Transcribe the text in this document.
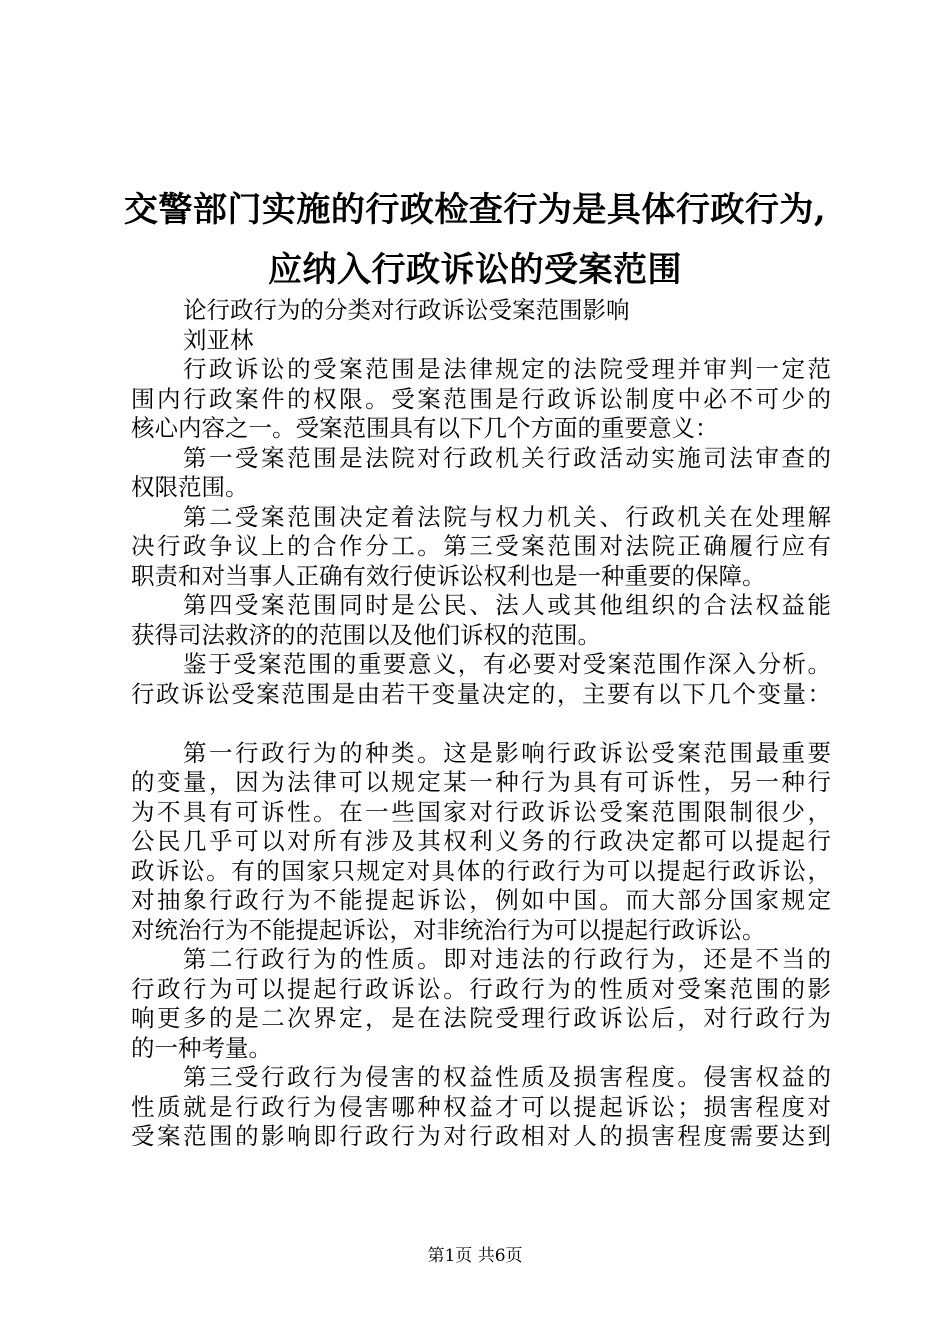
交警部门实施的行政检查行为是具体行政行为,
应纳入行政诉讼的受案范围
论行政行为的分类对行政诉讼受案范围影响
刘亚林
行政诉讼的受案范围是法律规定的法院受理并审判一定范
围内行政案件的权限。受案范围是行政诉讼制度中必不可少的
核心内容之一。受案范围具有以下几个方面的重要意义：
第一受案范围是法院对行政机关行政活动实施司法审查的
权限范围。
第二受案范围决定着法院与权力机关、行政机关在处理解
决行政争议上的合作分工。第三受案范围对法院正确履行应有
职责和对当事人正确有效行使诉讼权利也是一种重要的保障。
第四受案范围同时是公民、法人或其他组织的合法权益能
获得司法救济的的范围以及他们诉权的范围。
鉴于受案范围的重要意义，有必要对受案范围作深入分析。
行政诉讼受案范围是由若干变量决定的，主要有以下几个变量：
第一行政行为的种类。这是影响行政诉讼受案范围最重要
的变量，因为法律可以规定某一种行为具有可诉性，另一种行
为不具有可诉性。在一些国家对行政诉讼受案范围限制很少，
公民几乎可以对所有涉及其权利义务的行政决定都可以提起行
政诉讼。有的国家只规定对具体的行政行为可以提起行政诉讼，
对抽象行政行为不能提起诉讼，例如中国。而大部分国家规定
对统治行为不能提起诉讼，对非统治行为可以提起行政诉讼。
第二行政行为的性质。即对违法的行政行为，还是不当的
行政行为可以提起行政诉讼。行政行为的性质对受案范围的影
响更多的是二次界定，是在法院受理行政诉讼后，对行政行为
的一种考量。
第三受行政行为侵害的权益性质及损害程度。侵害权益的
性质就是行政行为侵害哪种权益才可以提起诉讼；损害程度对
受案范围的影响即行政行为对行政相对人的损害程度需要达到
第1页 共6页
